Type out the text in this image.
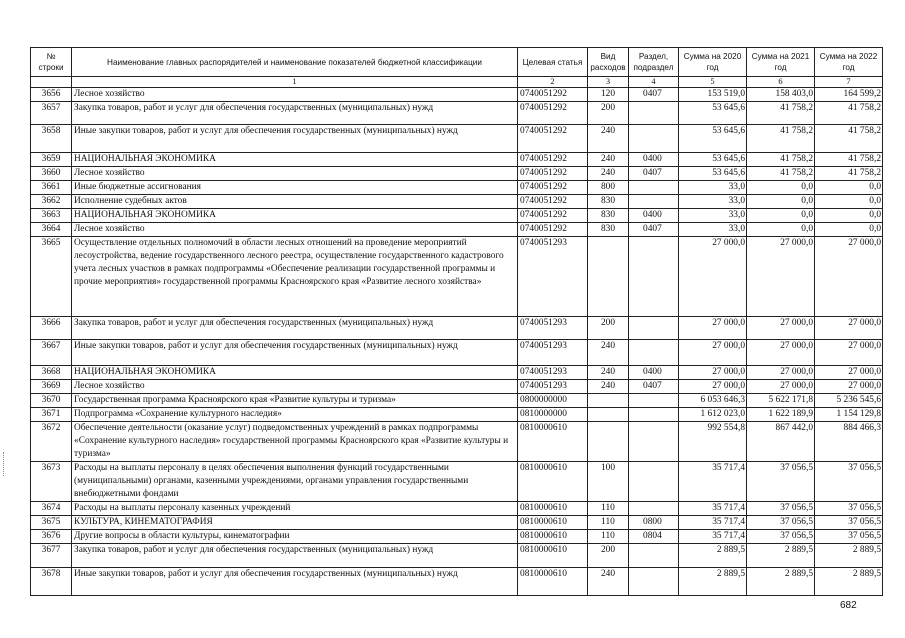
№ строки	Наименование главных распорядителей и наименование показателей бюджетной классификации	Целевая статья	Вид расходов	Раздел, подраздел	Сумма на 2020 год	Сумма на 2021 год	Сумма на 2022 год
	1	2	3	4	5	6	7
3656	Лесное хозяйство	0740051292	120	0407	153 519,0	158 403,0	164 599,2
3657	Закупка товаров, работ и услуг для обеспечения государственных (муниципальных) нужд	0740051292	200		53 645,6	41 758,2	41 758,2
3658	Иные закупки товаров, работ и услуг для обеспечения государственных (муниципальных) нужд	0740051292	240		53 645,6	41 758,2	41 758,2
3659	НАЦИОНАЛЬНАЯ ЭКОНОМИКА	0740051292	240	0400	53 645,6	41 758,2	41 758,2
3660	Лесное хозяйство	0740051292	240	0407	53 645,6	41 758,2	41 758,2
3661	Иные бюджетные ассигнования	0740051292	800		33,0	0,0	0,0
3662	Исполнение судебных актов	0740051292	830		33,0	0,0	0,0
3663	НАЦИОНАЛЬНАЯ ЭКОНОМИКА	0740051292	830	0400	33,0	0,0	0,0
3664	Лесное хозяйство	0740051292	830	0407	33,0	0,0	0,0
3665	Осуществление отдельных полномочий в области лесных отношений на проведение мероприятий лесоустройства, ведение государственного лесного реестра, осуществление государственного кадастрового учета лесных участков в рамках подпрограммы «Обеспечение реализации государственной программы и прочие мероприятия» государственной программы Красноярского края «Развитие лесного хозяйства»	0740051293			27 000,0	27 000,0	27 000,0
3666	Закупка товаров, работ и услуг для обеспечения государственных (муниципальных) нужд	0740051293	200		27 000,0	27 000,0	27 000,0
3667	Иные закупки товаров, работ и услуг для обеспечения государственных (муниципальных) нужд	0740051293	240		27 000,0	27 000,0	27 000,0
3668	НАЦИОНАЛЬНАЯ ЭКОНОМИКА	0740051293	240	0400	27 000,0	27 000,0	27 000,0
3669	Лесное хозяйство	0740051293	240	0407	27 000,0	27 000,0	27 000,0
3670	Государственная программа Красноярского края «Развитие культуры и туризма»	0800000000			6 053 646,3	5 622 171,8	5 236 545,6
3671	Подпрограмма «Сохранение культурного наследия»	0810000000			1 612 023,0	1 622 189,9	1 154 129,8
3672	Обеспечение деятельности (оказание услуг) подведомственных учреждений в рамках подпрограммы «Сохранение культурного наследия» государственной программы Красноярского края «Развитие культуры и туризма»	0810000610			992 554,8	867 442,0	884 466,3
3673	Расходы на выплаты персоналу в целях обеспечения выполнения функций государственными (муниципальными) органами, казенными учреждениями, органами управления государственными внебюджетными фондами	0810000610	100		35 717,4	37 056,5	37 056,5
3674	Расходы на выплаты персоналу казенных учреждений	0810000610	110		35 717,4	37 056,5	37 056,5
3675	КУЛЬТУРА, КИНЕМАТОГРАФИЯ	0810000610	110	0800	35 717,4	37 056,5	37 056,5
3676	Другие вопросы в области культуры, кинематографии	0810000610	110	0804	35 717,4	37 056,5	37 056,5
3677	Закупка товаров, работ и услуг для обеспечения государственных (муниципальных) нужд	0810000610	200		2 889,5	2 889,5	2 889,5
3678	Иные закупки товаров, работ и услуг для обеспечения государственных (муниципальных) нужд	0810000610	240		2 889,5	2 889,5	2 889,5
682
